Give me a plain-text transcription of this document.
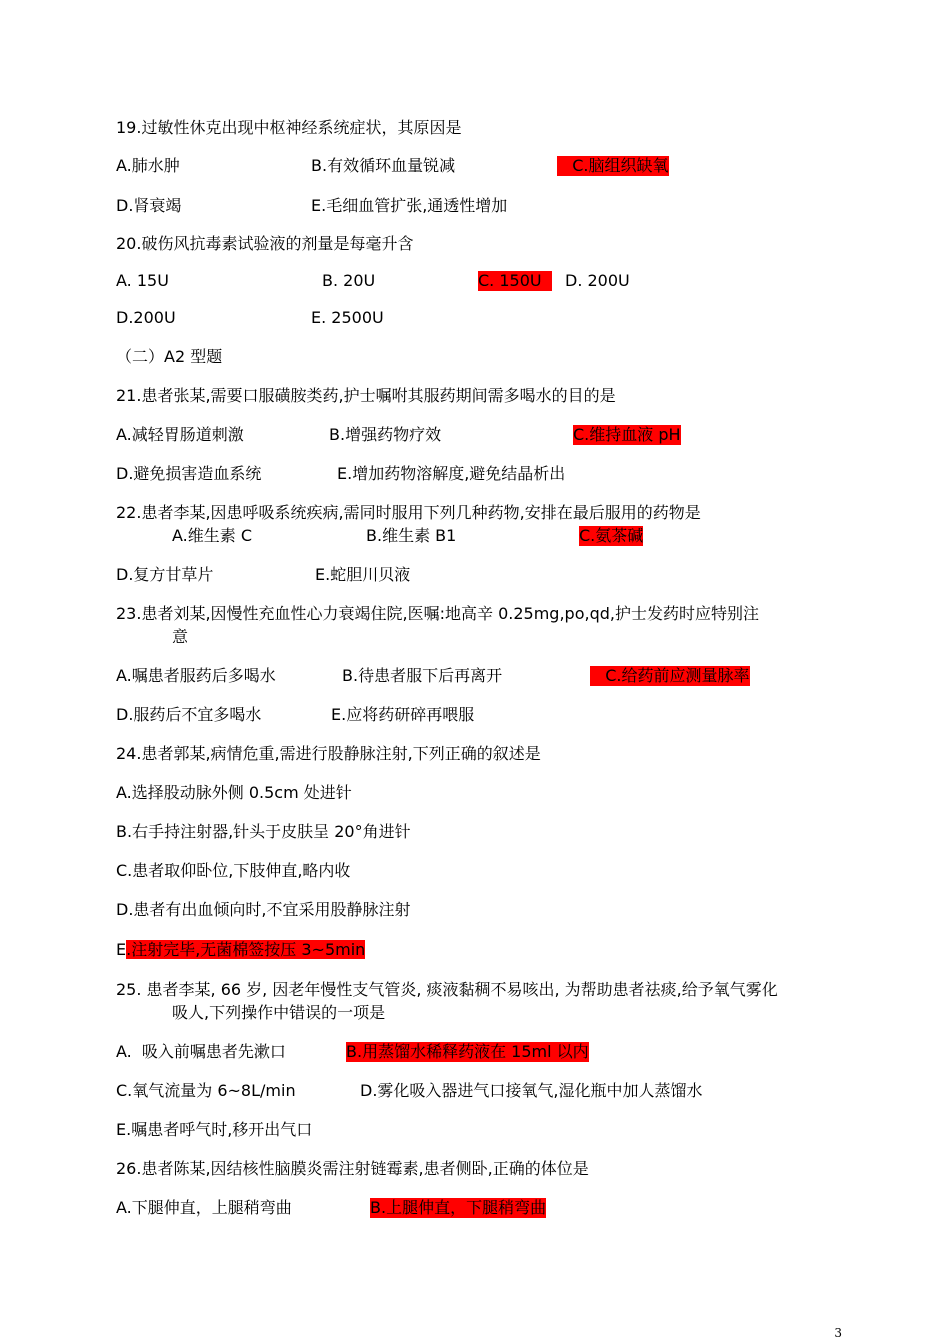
19.过敏性休克出现中枢神经系统症状，其原因是
A.肺水肿	B.有效循环血量锐减	C.脑组织缺氧
D.肾衰竭	E.毛细血管扩张,通透性增加
20.破伤风抗毒素试验液的剂量是每毫升含
A. 15U	B. 20U	C. 150U D. 200U
D.200U	E. 2500U
（二）A2 型题
21.患者张某,需要口服磺胺类药,护士嘱咐其服药期间需多喝水的目的是
A.减轻胃肠道刺激	B.增强药物疗效	C.维持血液 pH
D.避免损害造血系统	E.增加药物溶解度,避免结晶析出
22.患者李某,因患呼吸系统疾病,需同时服用下列几种药物,安排在最后服用的药物是
A.维生素 C	B.维生素 B1	C.氨茶碱
D.复方甘草片	E.蛇胆川贝液
23.患者刘某,因慢性充血性心力衰竭住院,医嘱:地高辛 0.25mg,po,qd,护士发药时应特别注
意
A.嘱患者服药后多喝水	B.待患者服下后再离开	C.给药前应测量脉率
D.服药后不宜多喝水	E.应将药研碎再喂服
24.患者郭某,病情危重,需进行股静脉注射,下列正确的叙述是
A.选择股动脉外侧 0.5cm 处进针
B.右手持注射器,针头于皮肤呈 20°角进针
C.患者取仰卧位,下肢伸直,略内收
D.患者有出血倾向时,不宜采用股静脉注射
E.注射完毕,无菌棉签按压 3~5min
25. 患者李某, 66 岁, 因老年慢性支气管炎, 痰液黏稠不易咳出, 为帮助患者祛痰,给予氧气雾化
吸人,下列操作中错误的一项是
A.  吸入前嘱患者先漱口	B.用蒸馏水稀释药液在 15ml 以内
C.氧气流量为 6~8L/min	D.雾化吸入器进气口接氧气,湿化瓶中加人蒸馏水
E.嘱患者呼气时,移开出气口
26.患者陈某,因结核性脑膜炎需注射链霉素,患者侧卧,正确的体位是
A.下腿伸直，上腿稍弯曲	B.上腿伸直，下腿稍弯曲
3
